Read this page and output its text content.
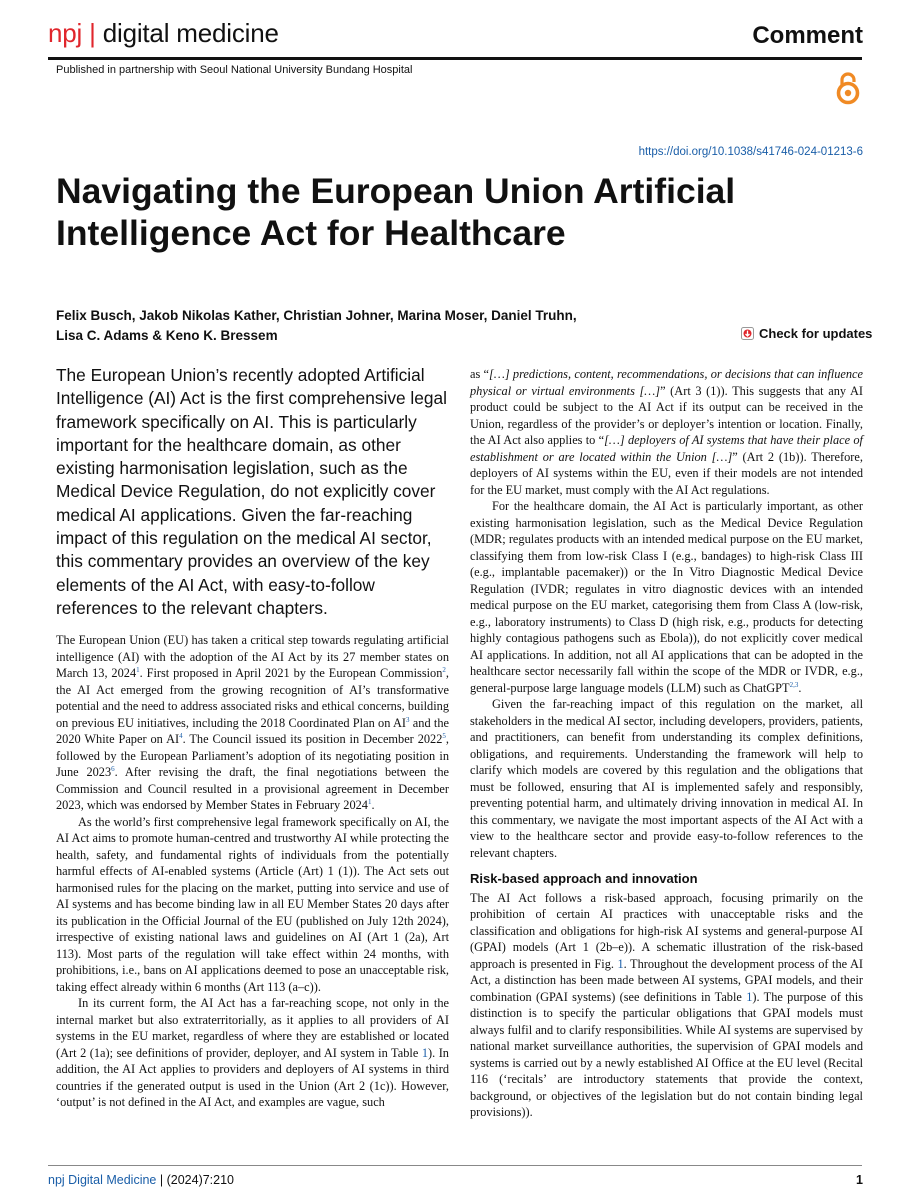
npj | digital medicine	Comment
Published in partnership with Seoul National University Bundang Hospital
https://doi.org/10.1038/s41746-024-01213-6
Navigating the European Union Artificial Intelligence Act for Healthcare
Felix Busch, Jakob Nikolas Kather, Christian Johner, Marina Moser, Daniel Truhn,
Lisa C. Adams & Keno K. Bressem	Check for updates
The European Union’s recently adopted Artificial Intelligence (AI) Act is the first comprehensive legal framework specifically on AI. This is particularly important for the healthcare domain, as other existing harmonisation legislation, such as the Medical Device Regulation, do not explicitly cover medical AI applications. Given the far-reaching impact of this regulation on the medical AI sector, this commentary provides an overview of the key elements of the AI Act, with easy-to-follow references to the relevant chapters.

The European Union (EU) has taken a critical step towards regulating artificial intelligence (AI) with the adoption of the AI Act by its 27 member states on March 13, 2024$^1$. First proposed in April 2021 by the European Commission$^2$, the AI Act emerged from the growing recognition of AI’s transformative potential and the need to address associated risks and ethical concerns, building on previous EU initiatives, including the 2018 Coordinated Plan on AI$^3$ and the 2020 White Paper on AI$^4$. The Council issued its position in December 2022$^5$, followed by the European Parliament’s adoption of its negotiating position in June 2023$^6$. After revising the draft, the final negotiations between the Commission and Council resulted in a provisional agreement in December 2023, which was endorsed by Member States in February 2024$^1$.

As the world’s first comprehensive legal framework specifically on AI, the AI Act aims to promote human-centred and trustworthy AI while protecting the health, safety, and fundamental rights of individuals from the potentially harmful effects of AI-enabled systems (Article (Art) 1 (1)). The Act sets out harmonised rules for the placing on the market, putting into service and use of AI systems and has become binding law in all EU Member States 20 days after its publication in the Official Journal of the EU (published on July 12th 2024), irrespective of existing national laws and guidelines on AI (Art 1 (2a), Art 113). Most parts of the regulation will take effect within 24 months, with prohibitions, i.e., bans on AI applications deemed to pose an unacceptable risk, taking effect already within 6 months (Art 113 (a–c)).

In its current form, the AI Act has a far-reaching scope, not only in the internal market but also extraterritorially, as it applies to all providers of AI systems in the EU market, regardless of where they are established or located (Art 2 (1a); see definitions of provider, deployer, and AI system in Table 1). In addition, the AI Act applies to providers and deployers of AI systems in third countries if the generated output is used in the Union (Art 2 (1c)). However, ‘output’ is not defined in the AI Act, and examples are vague, such

as “[…] predictions, content, recommendations, or decisions that can influence physical or virtual environments […]” (Art 3 (1)). This suggests that any AI product could be subject to the AI Act if its output can be received in the Union, regardless of the provider’s or deployer’s intention or location. Finally, the AI Act also applies to “[…] deployers of AI systems that have their place of establishment or are located within the Union […]” (Art 2 (1b)). Therefore, deployers of AI systems within the EU, even if their models are not intended for the EU market, must comply with the AI Act regulations.

For the healthcare domain, the AI Act is particularly important, as other existing harmonisation legislation, such as the Medical Device Regulation (MDR; regulates products with an intended medical purpose on the EU market, classifying them from low-risk Class I (e.g., bandages) to high-risk Class III (e.g., implantable pacemaker)) or the In Vitro Diagnostic Medical Device Regulation (IVDR; regulates in vitro diagnostic devices with an intended medical purpose on the EU market, categorising them from Class A (low-risk, e.g., laboratory instruments) to Class D (high risk, e.g., products for detecting highly contagious pathogens such as Ebola)), do not explicitly cover medical AI applications. In addition, not all AI applications that can be adopted in the healthcare sector necessarily fall within the scope of the MDR or IVDR, e.g., general-purpose large language models (LLM) such as ChatGPT$^{2,3}$.

Given the far-reaching impact of this regulation on the market, all stakeholders in the medical AI sector, including developers, providers, patients, and practitioners, can benefit from understanding its complex definitions, obligations, and requirements. Understanding the framework will help to clarify which models are covered by this regulation and the obligations that must be followed, ensuring that AI is implemented safely and responsibly, preventing potential harm, and ultimately driving innovation in medical AI. In this commentary, we navigate the most important aspects of the AI Act with a view to the healthcare sector and provide easy-to-follow references to the relevant chapters.

Risk-based approach and innovation

The AI Act follows a risk-based approach, focusing primarily on the prohibition of certain AI practices with unacceptable risks and the classification and obligations for high-risk AI systems and general-purpose AI (GPAI) models (Art 1 (2b–e)). A schematic illustration of the risk-based approach is presented in Fig. 1. Throughout the development process of the AI Act, a distinction has been made between AI systems, GPAI models, and their combination (GPAI systems) (see definitions in Table 1). The purpose of this distinction is to specify the particular obligations that GPAI models must always fulfil and to clarify responsibilities. While AI systems are supervised by national market surveillance authorities, the supervision of GPAI models and systems is carried out by a newly established AI Office at the EU level (Recital 116 (‘recitals’ are introductory statements that provide the context, background, or objectives of the legislation but do not contain binding legal provisions)).

npj Digital Medicine | (2024)7:210	1
